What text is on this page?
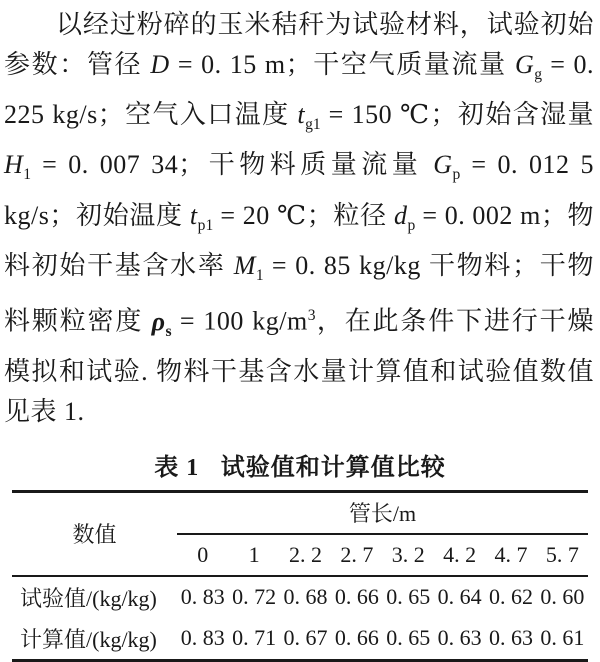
以经过粉碎的玉米秸秆为试验材料，试验初始参数：管径 D = 0. 15 m；干空气质量流量 $G_g = 0$. 225 kg/s；空气入口温度 $t_{g1} = 150$ ℃；初始含湿量 $H_1 = 0$. 007 34；干物料质量流量 $G_p = 0$. 012 5 kg/s；初始温度 $t_{p1} = 20$ ℃；粒径 $d_p = 0$. 002 m；物料初始干基含水率 $M_1 = 0$. 85 kg/kg 干物料；干物料颗粒密度 $\rho_s = 100$ $kg/m^3$，在此条件下进行干燥模拟和试验. 物料干基含水量计算值和试验值数值见表 1.

表 1 试验值和计算值比较
数值	管长/m							
	0	1	2. 2	2. 7	3. 2	4. 2	4. 7	5. 7
试验值/(kg/kg)	0. 83	0. 72	0. 68	0. 66	0. 65	0. 64	0. 62	0. 60
计算值/(kg/kg)	0. 83	0. 71	0. 67	0. 66	0. 65	0. 63	0. 63	0. 61
